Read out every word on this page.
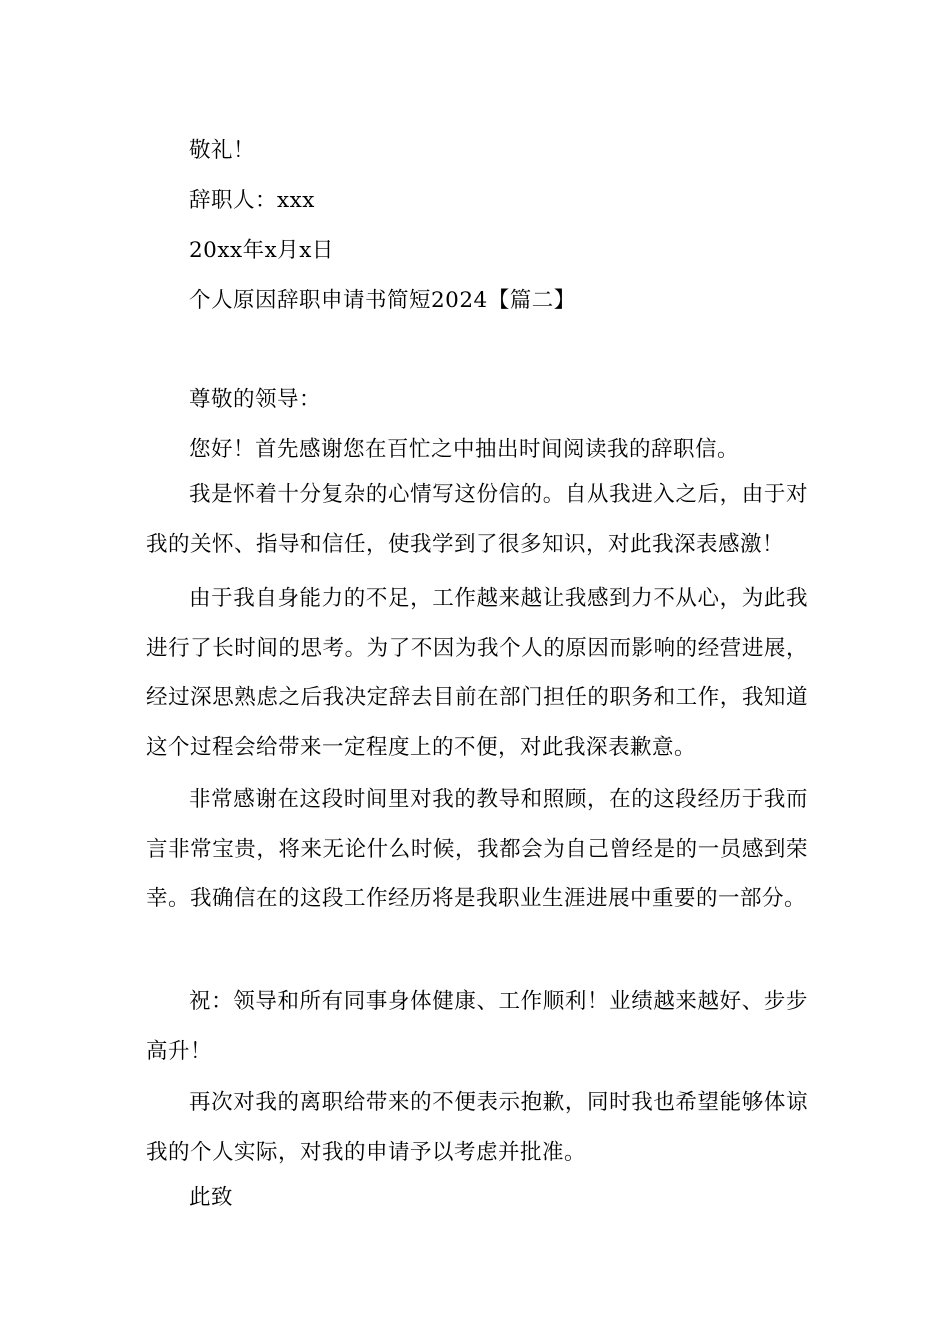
敬礼！
辞职人：xxx
20xx年x月x日
个人原因辞职申请书简短2024【篇二】
尊敬的领导：
您好！首先感谢您在百忙之中抽出时间阅读我的辞职信。
我是怀着十分复杂的心情写这份信的。自从我进入之后，由于对我的关怀、指导和信任，使我学到了很多知识，对此我深表感激！
由于我自身能力的不足，工作越来越让我感到力不从心，为此我进行了长时间的思考。为了不因为我个人的原因而影响的经营进展，经过深思熟虑之后我决定辞去目前在部门担任的职务和工作，我知道这个过程会给带来一定程度上的不便，对此我深表歉意。
非常感谢在这段时间里对我的教导和照顾，在的这段经历于我而言非常宝贵，将来无论什么时候，我都会为自己曾经是的一员感到荣幸。我确信在的这段工作经历将是我职业生涯进展中重要的一部分。
祝：领导和所有同事身体健康、工作顺利！业绩越来越好、步步高升！
再次对我的离职给带来的不便表示抱歉，同时我也希望能够体谅我的个人实际，对我的申请予以考虑并批准。
此致
